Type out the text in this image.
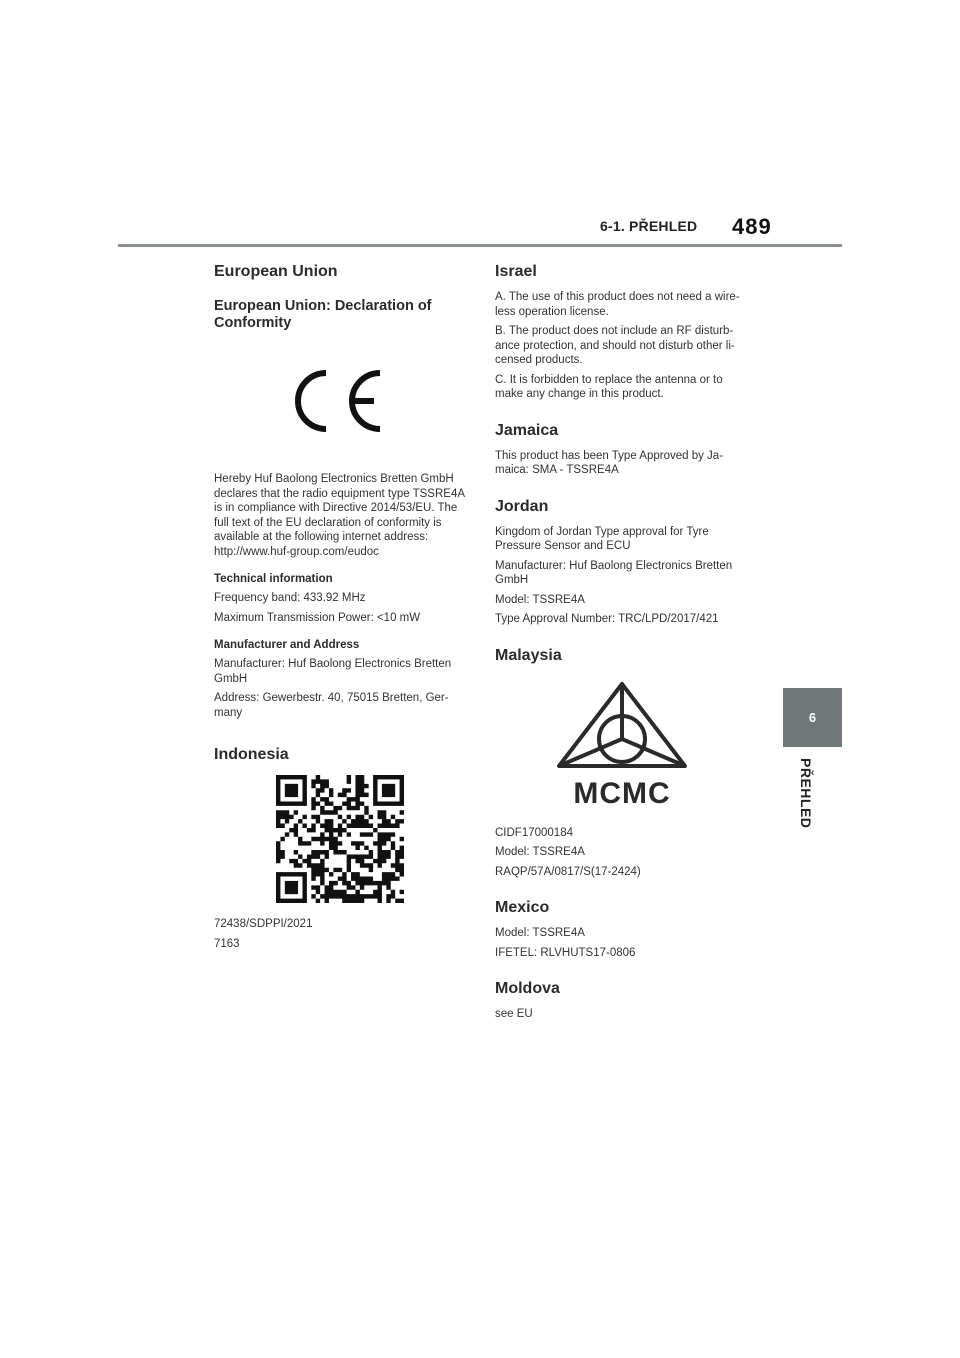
6-1. PŘEHLED 489
6
PŘEHLED
European Union
European Union: Declaration of Conformity

Hereby Huf Baolong Electronics Bretten GmbH declares that the radio equipment type TSSRE4A is in compliance with Directive 2014/53/EU. The full text of the EU declaration of conformity is available at the following internet address: http://www.huf-group.com/eudoc

Technical information

Frequency band: 433.92 MHz

Maximum Transmission Power: <10 mW

Manufacturer and Address

Manufacturer: Huf Baolong Electronics Bretten GmbH

Address: Gewerbestr. 40, 75015 Bretten, Ger-many

Indonesia

72438/SDPPI/2021

7163

Israel

A. The use of this product does not need a wire-less operation license.

B. The product does not include an RF disturb-ance protection, and should not disturb other li-censed products.

C. It is forbidden to replace the antenna or to make any change in this product.

Jamaica

This product has been Type Approved by Ja-maica: SMA - TSSRE4A

Jordan

Kingdom of Jordan Type approval for Tyre Pressure Sensor and ECU

Manufacturer: Huf Baolong Electronics Bretten GmbH

Model: TSSRE4A

Type Approval Number: TRC/LPD/2017/421

Malaysia
MCMC

CIDF17000184

Model: TSSRE4A

RAQP/57A/0817/S(17-2424)

Mexico

Model: TSSRE4A

IFETEL: RLVHUTS17-0806

Moldova

see EU
